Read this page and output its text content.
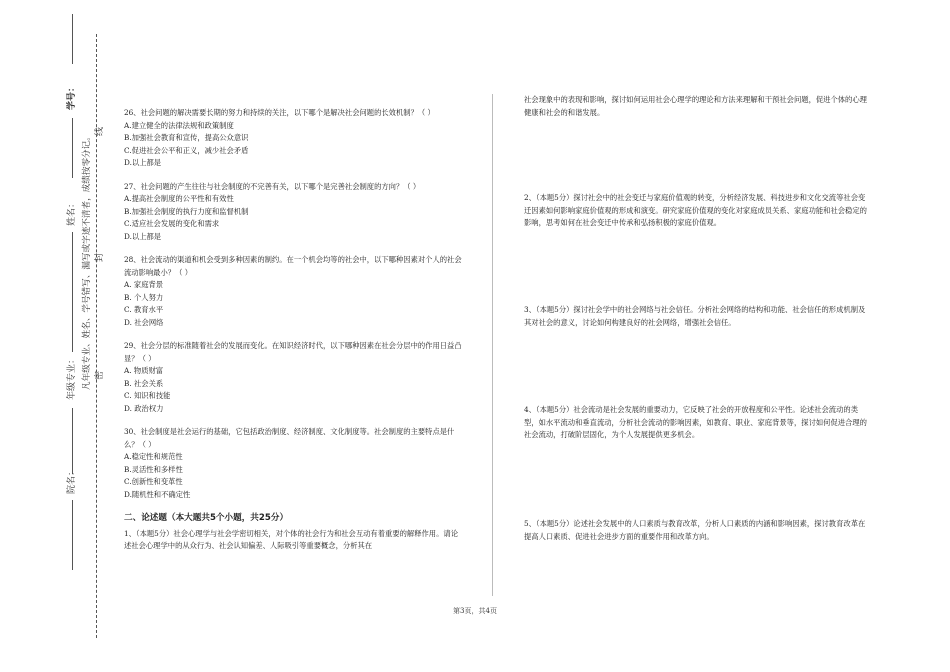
学号：
姓名：
年级专业：
院名：
凡年级专业、姓名、学号错写、漏写或字迹不清者，成绩按零分记。 密
封
线
26、社会问题的解决需要长期的努力和持续的关注，以下哪个是解决社会问题的长效机制？（ ）
A.建立健全的法律法规和政策制度
B.加强社会教育和宣传，提高公众意识
C.促进社会公平和正义，减少社会矛盾
D.以上都是
27、社会问题的产生往往与社会制度的不完善有关，以下哪个是完善社会制度的方向？（ ）
A.提高社会制度的公平性和有效性
B.加强社会制度的执行力度和监督机制
C.适应社会发展的变化和需求
D.以上都是
28、社会流动的渠道和机会受到多种因素的制约。在一个机会均等的社会中，以下哪种因素对个人的社会流动影响最小？（ ）
A. 家庭背景
B. 个人努力
C. 教育水平
D. 社会网络
29、社会分层的标准随着社会的发展而变化。在知识经济时代，以下哪种因素在社会分层中的作用日益凸显？（ ）
A. 物质财富
B. 社会关系
C. 知识和技能
D. 政治权力
30、社会制度是社会运行的基础，它包括政治制度、经济制度、文化制度等。社会制度的主要特点是什么？（ ）
A.稳定性和规范性
B.灵活性和多样性
C.创新性和变革性
D.随机性和不确定性
二、论述题（本大题共5个小题，共25分）
1、（本题5分）社会心理学与社会学密切相关，对个体的社会行为和社会互动有着重要的解释作用。请论述社会心理学中的从众行为、社会认知偏差、人际吸引等重要概念，分析其在
社会现象中的表现和影响，探讨如何运用社会心理学的理论和方法来理解和干预社会问题，促进个体的心理健康和社会的和谐发展。
2、（本题5分）探讨社会中的社会变迁与家庭价值观的转变，分析经济发展、科技进步和文化交流等社会变迁因素如何影响家庭价值观的形成和演变。研究家庭价值观的变化对家庭成员关系、家庭功能和社会稳定的影响，思考如何在社会变迁中传承和弘扬积极的家庭价值观。
3、（本题5分）探讨社会学中的社会网络与社会信任。分析社会网络的结构和功能、社会信任的形成机制及其对社会的意义，讨论如何构建良好的社会网络，增强社会信任。
4、（本题5分）社会流动是社会发展的重要动力，它反映了社会的开放程度和公平性。论述社会流动的类型，如水平流动和垂直流动，分析社会流动的影响因素，如教育、职业、家庭背景等，探讨如何促进合理的社会流动，打破阶层固化，为个人发展提供更多机会。
5、（本题5分）论述社会发展中的人口素质与教育改革，分析人口素质的内涵和影响因素，探讨教育改革在提高人口素质、促进社会进步方面的重要作用和改革方向。
第3页，共4页
